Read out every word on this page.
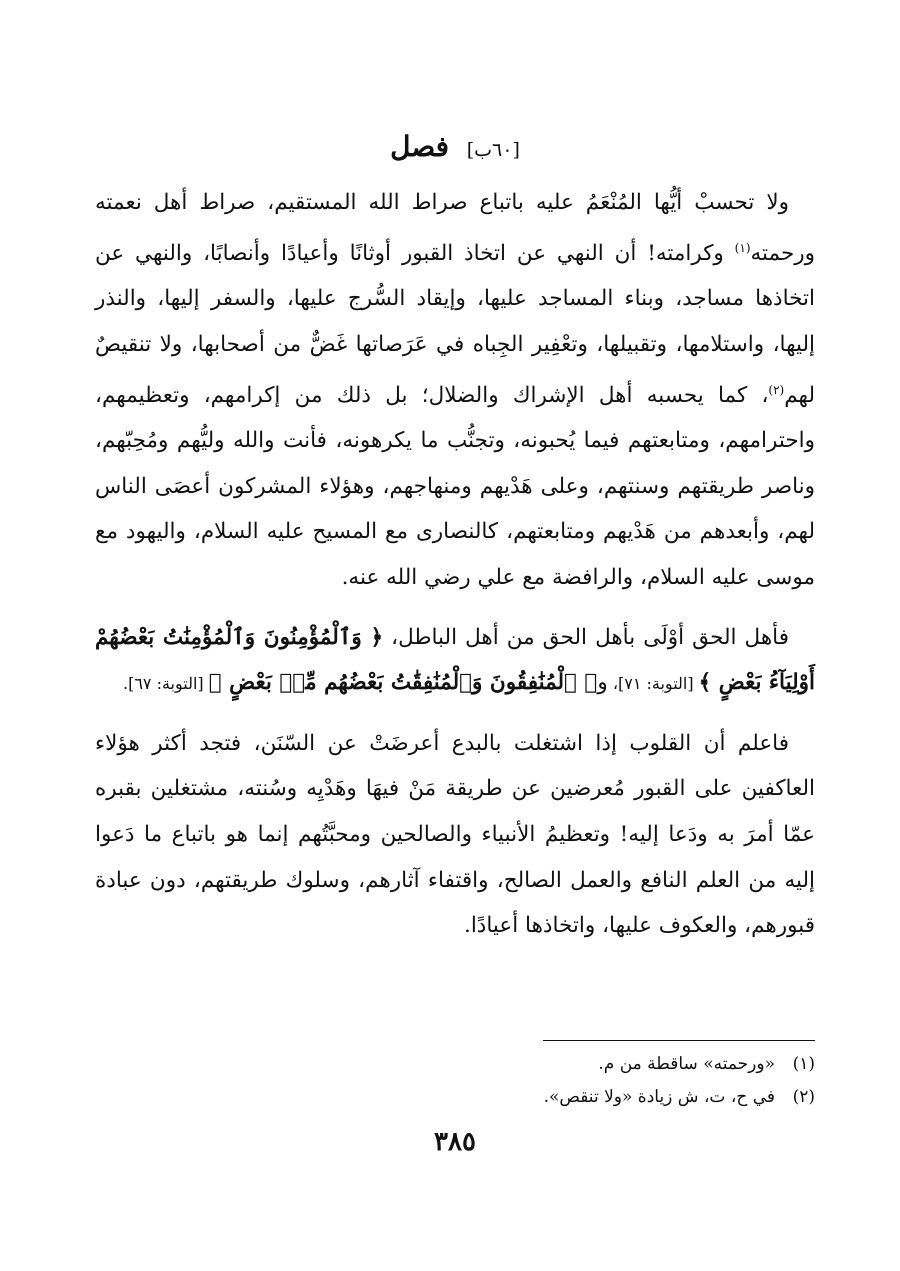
[٦٠ب] فصل

ولا تحسبْ أيُّها المُنْعَمُ عليه باتباع صراط الله المستقيم، صراط أهل نعمته ورحمته$^{(١)}$ وكرامته! أن النهي عن اتخاذ القبور أوثانًا وأعيادًا وأنصابًا، والنهي عن اتخاذها مساجد، وبناء المساجد عليها، وإيقاد السُّرج عليها، والسفر إليها، والنذر إليها، واستلامها، وتقبيلها، وتعْفِير الجِباه في عَرَصاتها غَضٌّ من أصحابها، ولا تنقيصٌ لهم$^{(٢)}$، كما يحسبه أهل الإشراك والضلال؛ بل ذلك من إكرامهم، وتعظيمهم، واحترامهم، ومتابعتهم فيما يُحبونه، وتجنُّب ما يكرهونه، فأنت والله وليُّهم ومُحِبّهم، وناصر طريقتهم وسنتهم، وعلى هَدْيهم ومنهاجهم، وهؤلاء المشركون أعصَى الناس لهم، وأبعدهم من هَدْيهم ومتابعتهم، كالنصارى مع المسيح عليه السلام، واليهود مع موسى عليه السلام، والرافضة مع علي رضي الله عنه.

فأهل الحق أوْلَى بأهل الحق من أهل الباطل، ﴿ وَٱلْمُؤْمِنُونَ وَٱلْمُؤْمِنَٰتُ بَعْضُهُمْ أَوْلِيَآءُ بَعْضٍ ﴾ [التوبة: ٧١]، و﴿ ٱلْمُنَٰفِقُونَ وَٱلْمُنَٰفِقَٰتُ بَعْضُهُم مِّنۢ بَعْضٍ ﴾ [التوبة: ٦٧].

فاعلم أن القلوب إذا اشتغلت بالبدع أعرضَتْ عن السّنَن، فتجد أكثر هؤلاء العاكفين على القبور مُعرضين عن طريقة مَنْ فيهَا وهَدْيِه وسُنته، مشتغلين بقبره عمّا أمرَ به ودَعا إليه! وتعظيمُ الأنبياء والصالحين ومحبَّتُهم إنما هو باتباع ما دَعوا إليه من العلم النافع والعمل الصالح، واقتفاء آثارهم، وسلوك طريقتهم، دون عبادة قبورهم، والعكوف عليها، واتخاذها أعيادًا.

(١)
«ورحمته» ساقطة من م.
(٢)
في ح، ت، ش زيادة «ولا تنقص».
٣٨٥
